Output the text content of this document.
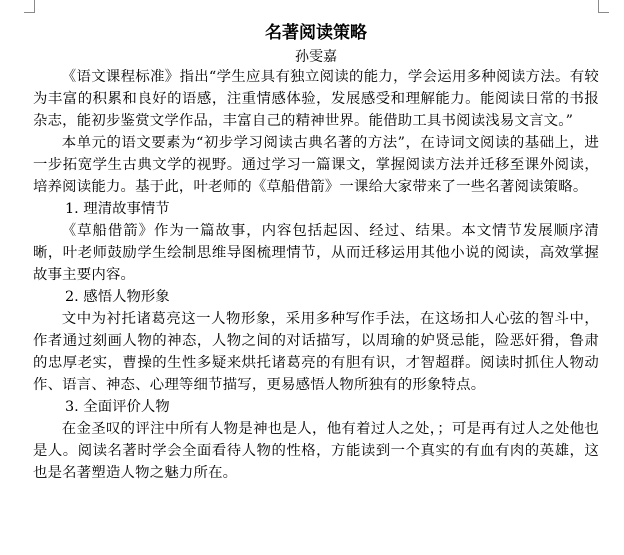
名著阅读策略

孙雯嘉

《语文课程标准》指出“学生应具有独立阅读的能力，学会运用多种阅读方法。有较为丰富的积累和良好的语感，注重情感体验，发展感受和理解能力。能阅读日常的书报杂志，能初步鉴赏文学作品，丰富自己的精神世界。能借助工具书阅读浅易文言文。”

本单元的语文要素为“初步学习阅读古典名著的方法”，在诗词文阅读的基础上，进一步拓宽学生古典文学的视野。通过学习一篇课文，掌握阅读方法并迁移至课外阅读，培养阅读能力。基于此，叶老师的《草船借箭》一课给大家带来了一些名著阅读策略。

1. 理清故事情节

《草船借箭》作为一篇故事，内容包括起因、经过、结果。本文情节发展顺序清晰，叶老师鼓励学生绘制思维导图梳理情节，从而迁移运用其他小说的阅读，高效掌握故事主要内容。

2. 感悟人物形象

文中为衬托诸葛亮这一人物形象，采用多种写作手法，在这场扣人心弦的智斗中，作者通过刻画人物的神态，人物之间的对话描写，以周瑜的妒贤忌能，险恶奸猾，鲁肃的忠厚老实，曹操的生性多疑来烘托诸葛亮的有胆有识，才智超群。阅读时抓住人物动作、语言、神态、心理等细节描写，更易感悟人物所独有的形象特点。

3. 全面评价人物

在金圣叹的评注中所有人物是神也是人，他有着过人之处，；可是再有过人之处他也是人。阅读名著时学会全面看待人物的性格，方能读到一个真实的有血有肉的英雄，这也是名著塑造人物之魅力所在。
